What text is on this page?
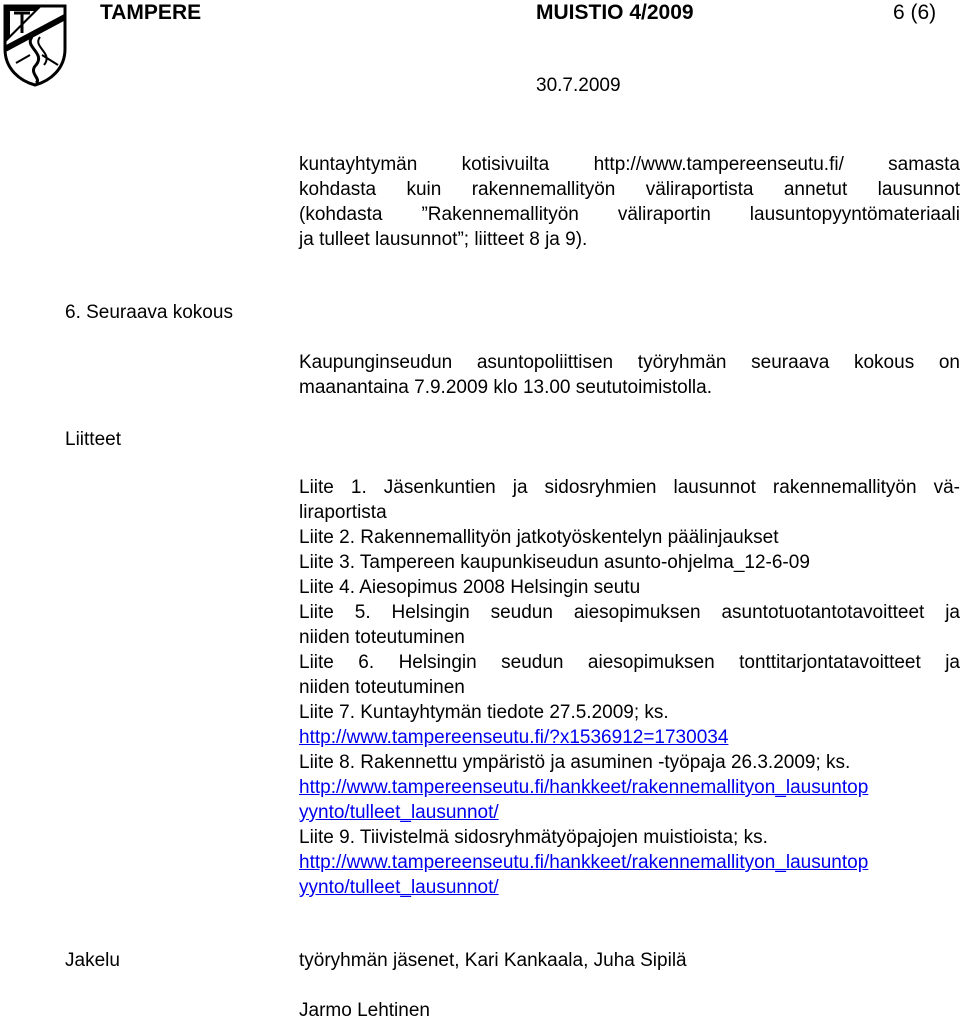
TAMPERE	MUISTIO 4/2009	6 (6)
30.7.2009
kuntayhtymän kotisivuilta http://www.tampereenseutu.fi/ samasta
kohdasta kuin rakennemallityön väliraportista annetut lausunnot
(kohdasta ”Rakennemallityön väliraportin lausuntopyyntömateriaali
ja tulleet lausunnot”; liitteet 8 ja 9).
6. Seuraava kokous
Kaupunginseudun asuntopoliittisen työryhmän seuraava kokous on
maanantaina 7.9.2009 klo 13.00 seututoimistolla.
Liitteet
Liite 1. Jäsenkuntien ja sidosryhmien lausunnot rakennemallityön vä-
liraportista
Liite 2. Rakennemallityön jatkotyöskentelyn päälinjaukset
Liite 3. Tampereen kaupunkiseudun asunto-ohjelma_12-6-09
Liite 4. Aiesopimus 2008 Helsingin seutu
Liite 5. Helsingin seudun aiesopimuksen asuntotuotantotavoitteet ja
niiden toteutuminen
Liite 6. Helsingin seudun aiesopimuksen tonttitarjontatavoitteet ja
niiden toteutuminen
Liite 7. Kuntayhtymän tiedote 27.5.2009; ks.
http://www.tampereenseutu.fi/?x1536912=1730034
Liite 8. Rakennettu ympäristö ja asuminen -työpaja 26.3.2009; ks.
http://www.tampereenseutu.fi/hankkeet/rakennemallityon_lausuntop
yynto/tulleet_lausunnot/
Liite 9. Tiivistelmä sidosryhmätyöpajojen muistioista; ks.
http://www.tampereenseutu.fi/hankkeet/rakennemallityon_lausuntop
yynto/tulleet_lausunnot/
Jakelu	työryhmän jäsenet, Kari Kankaala, Juha Sipilä
Jarmo Lehtinen
